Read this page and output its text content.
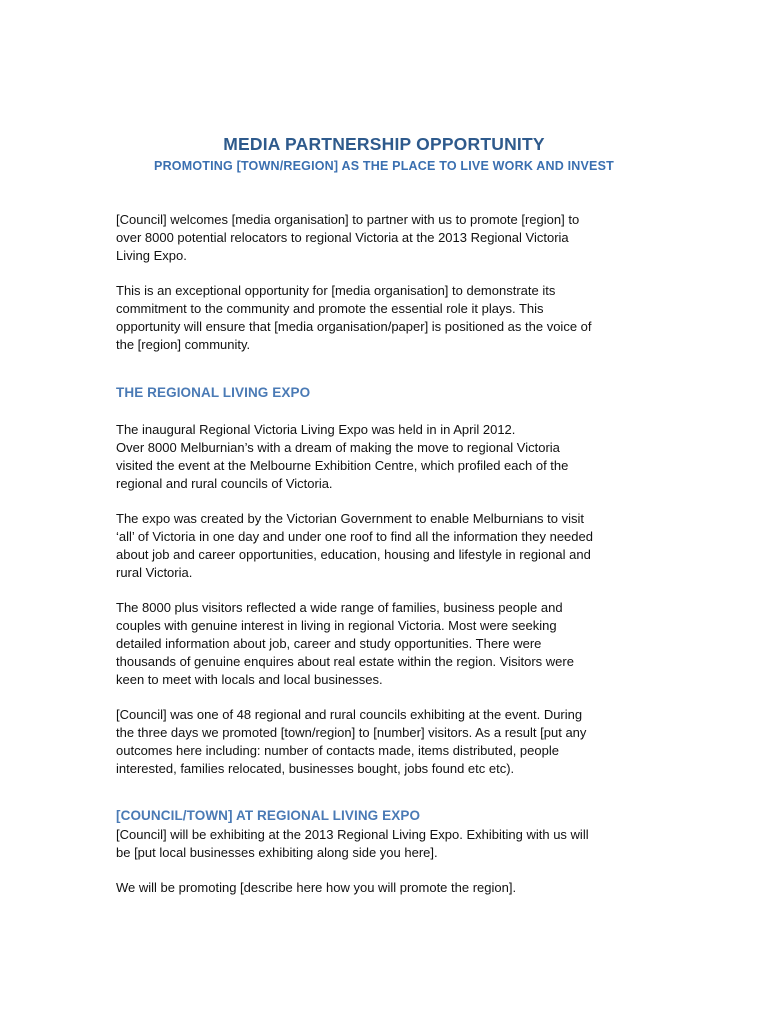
MEDIA PARTNERSHIP OPPORTUNITY
PROMOTING [TOWN/REGION] AS THE PLACE TO LIVE WORK AND INVEST

[Council] welcomes [media organisation] to partner with us to promote [region] to
over 8000 potential relocators to regional Victoria at the 2013 Regional Victoria
Living Expo.

This is an exceptional opportunity for [media organisation] to demonstrate its
commitment to the community and promote the essential role it plays. This
opportunity will ensure that [media organisation/paper] is positioned as the voice of
the [region] community.

THE REGIONAL LIVING EXPO

The inaugural Regional Victoria Living Expo was held in in April 2012.
Over 8000 Melburnian’s with a dream of making the move to regional Victoria
visited the event at the Melbourne Exhibition Centre, which profiled each of the
regional and rural councils of Victoria.

The expo was created by the Victorian Government to enable Melburnians to visit
‘all’ of Victoria in one day and under one roof to find all the information they needed
about job and career opportunities, education, housing and lifestyle in regional and
rural Victoria.

The 8000 plus visitors reflected a wide range of families, business people and
couples with genuine interest in living in regional Victoria. Most were seeking
detailed information about job, career and study opportunities. There were
thousands of genuine enquires about real estate within the region. Visitors were
keen to meet with locals and local businesses.

[Council] was one of 48 regional and rural councils exhibiting at the event. During
the three days we promoted [town/region] to [number] visitors. As a result [put any
outcomes here including: number of contacts made, items distributed, people
interested, families relocated, businesses bought, jobs found etc etc).

[COUNCIL/TOWN] AT REGIONAL LIVING EXPO

[Council] will be exhibiting at the 2013 Regional Living Expo. Exhibiting with us will
be [put local businesses exhibiting along side you here].

We will be promoting [describe here how you will promote the region].
